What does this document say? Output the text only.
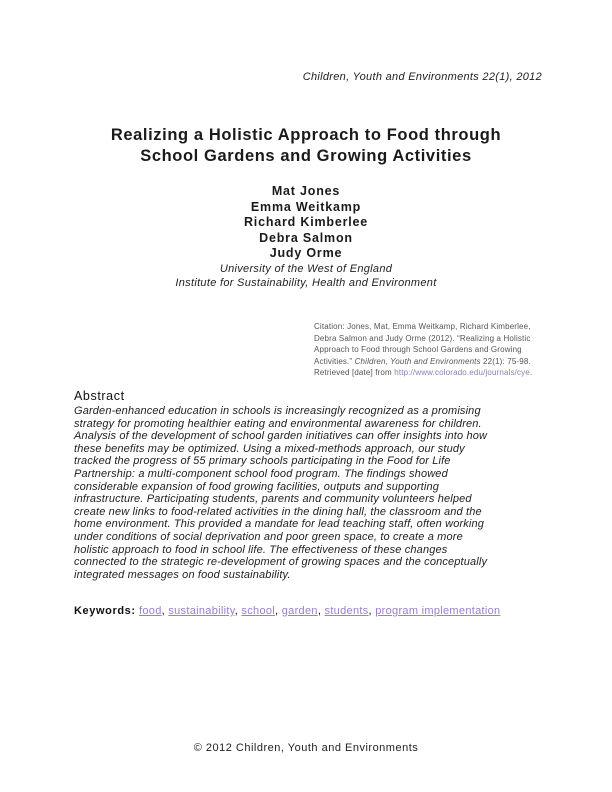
Children, Youth and Environments 22(1), 2012
Realizing a Holistic Approach to Food through
School Gardens and Growing Activities
Mat Jones
Emma Weitkamp
Richard Kimberlee
Debra Salmon
Judy Orme
University of the West of England
Institute for Sustainability, Health and Environment
Citation: Jones, Mat, Emma Weitkamp, Richard Kimberlee, Debra Salmon and Judy Orme (2012). “Realizing a Holistic Approach to Food through School Gardens and Growing Activities.” Children, Youth and Environments 22(1): 75-98. Retrieved [date] from http://www.colorado.edu/journals/cye.
Abstract
Garden-enhanced education in schools is increasingly recognized as a promising
strategy for promoting healthier eating and environmental awareness for children.
Analysis of the development of school garden initiatives can offer insights into how
these benefits may be optimized. Using a mixed-methods approach, our study
tracked the progress of 55 primary schools participating in the Food for Life
Partnership: a multi-component school food program. The findings showed
considerable expansion of food growing facilities, outputs and supporting
infrastructure. Participating students, parents and community volunteers helped
create new links to food-related activities in the dining hall, the classroom and the
home environment. This provided a mandate for lead teaching staff, often working
under conditions of social deprivation and poor green space, to create a more
holistic approach to food in school life. The effectiveness of these changes
connected to the strategic re-development of growing spaces and the conceptually
integrated messages on food sustainability.
Keywords: food, sustainability, school, garden, students, program implementation
© 2012 Children, Youth and Environments
